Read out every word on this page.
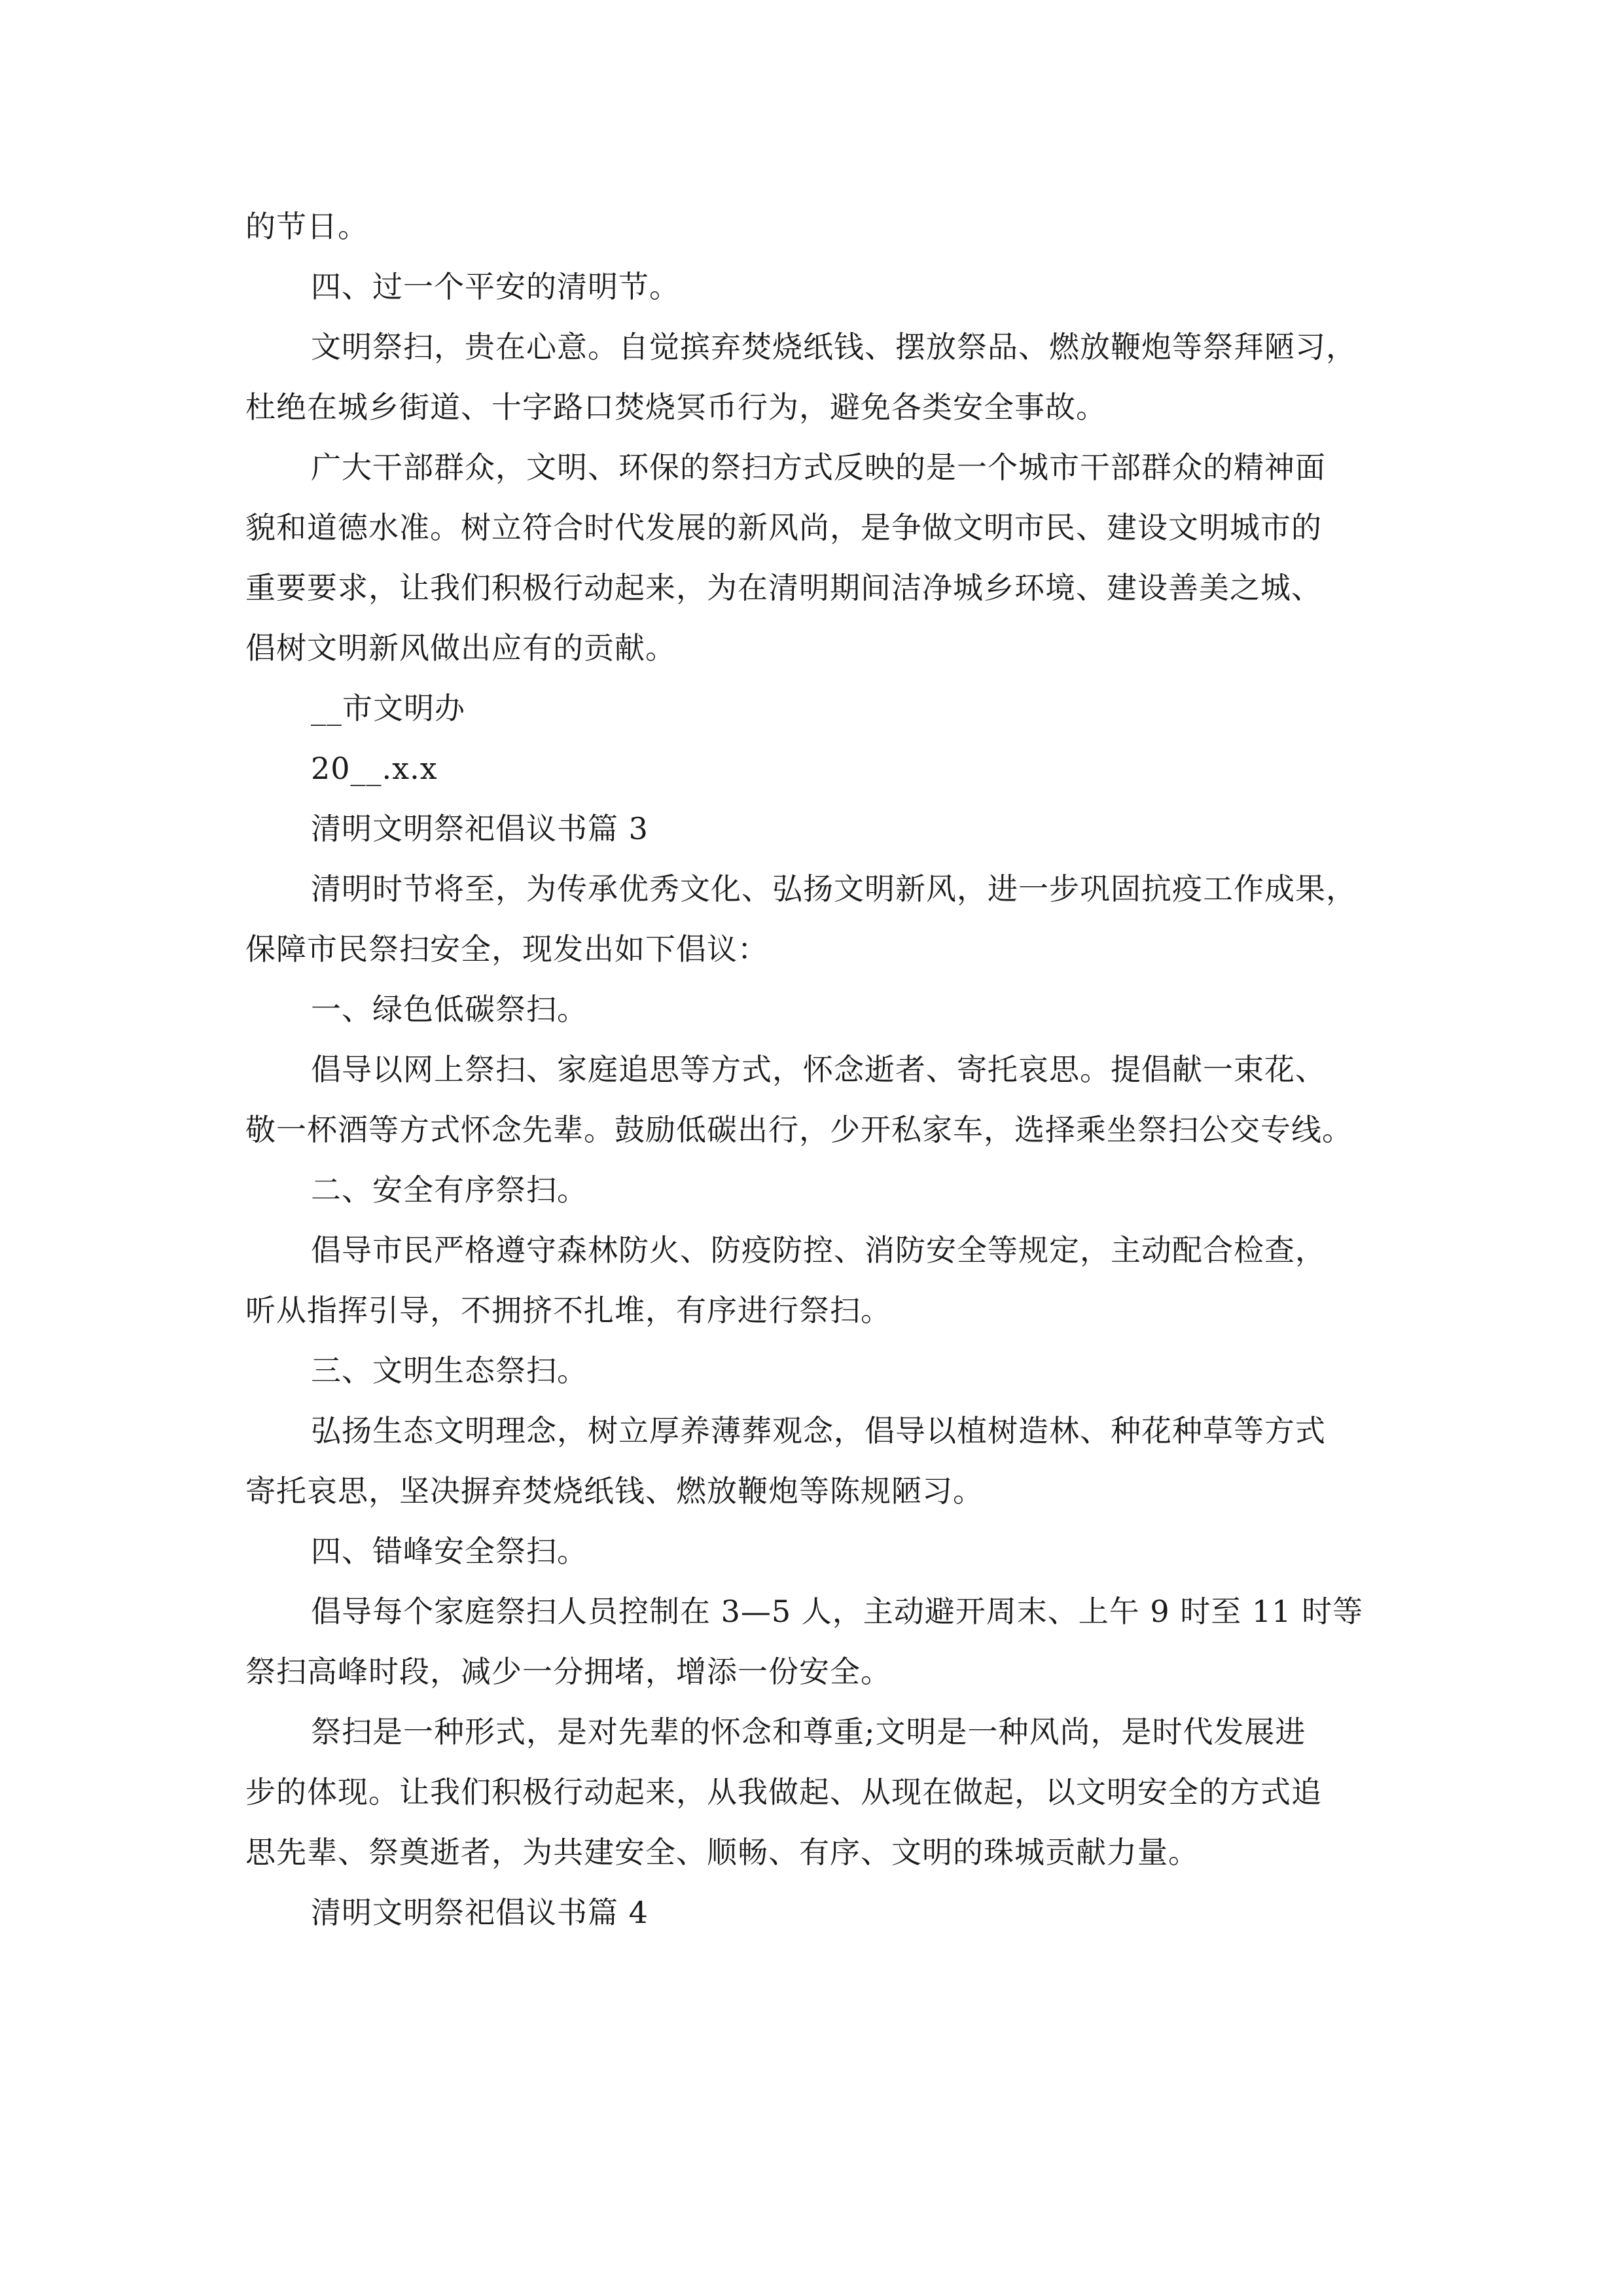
的节日。
四、过一个平安的清明节。
文明祭扫，贵在心意。自觉摈弃焚烧纸钱、摆放祭品、燃放鞭炮等祭拜陋习，
杜绝在城乡街道、十字路口焚烧冥币行为，避免各类安全事故。
广大干部群众，文明、环保的祭扫方式反映的是一个城市干部群众的精神面
貌和道德水准。树立符合时代发展的新风尚，是争做文明市民、建设文明城市的
重要要求，让我们积极行动起来，为在清明期间洁净城乡环境、建设善美之城、
倡树文明新风做出应有的贡献。
__市文明办
20__.x.x
清明文明祭祀倡议书篇 3
清明时节将至，为传承优秀文化、弘扬文明新风，进一步巩固抗疫工作成果，
保障市民祭扫安全，现发出如下倡议：
一、绿色低碳祭扫。
倡导以网上祭扫、家庭追思等方式，怀念逝者、寄托哀思。提倡献一束花、
敬一杯酒等方式怀念先辈。鼓励低碳出行，少开私家车，选择乘坐祭扫公交专线。
二、安全有序祭扫。
倡导市民严格遵守森林防火、防疫防控、消防安全等规定，主动配合检查，
听从指挥引导，不拥挤不扎堆，有序进行祭扫。
三、文明生态祭扫。
弘扬生态文明理念，树立厚养薄葬观念，倡导以植树造林、种花种草等方式
寄托哀思，坚决摒弃焚烧纸钱、燃放鞭炮等陈规陋习。
四、错峰安全祭扫。
倡导每个家庭祭扫人员控制在 3—5 人，主动避开周末、上午 9 时至 11 时等
祭扫高峰时段，减少一分拥堵，增添一份安全。
祭扫是一种形式，是对先辈的怀念和尊重;文明是一种风尚，是时代发展进
步的体现。让我们积极行动起来，从我做起、从现在做起，以文明安全的方式追
思先辈、祭奠逝者，为共建安全、顺畅、有序、文明的珠城贡献力量。
清明文明祭祀倡议书篇 4
